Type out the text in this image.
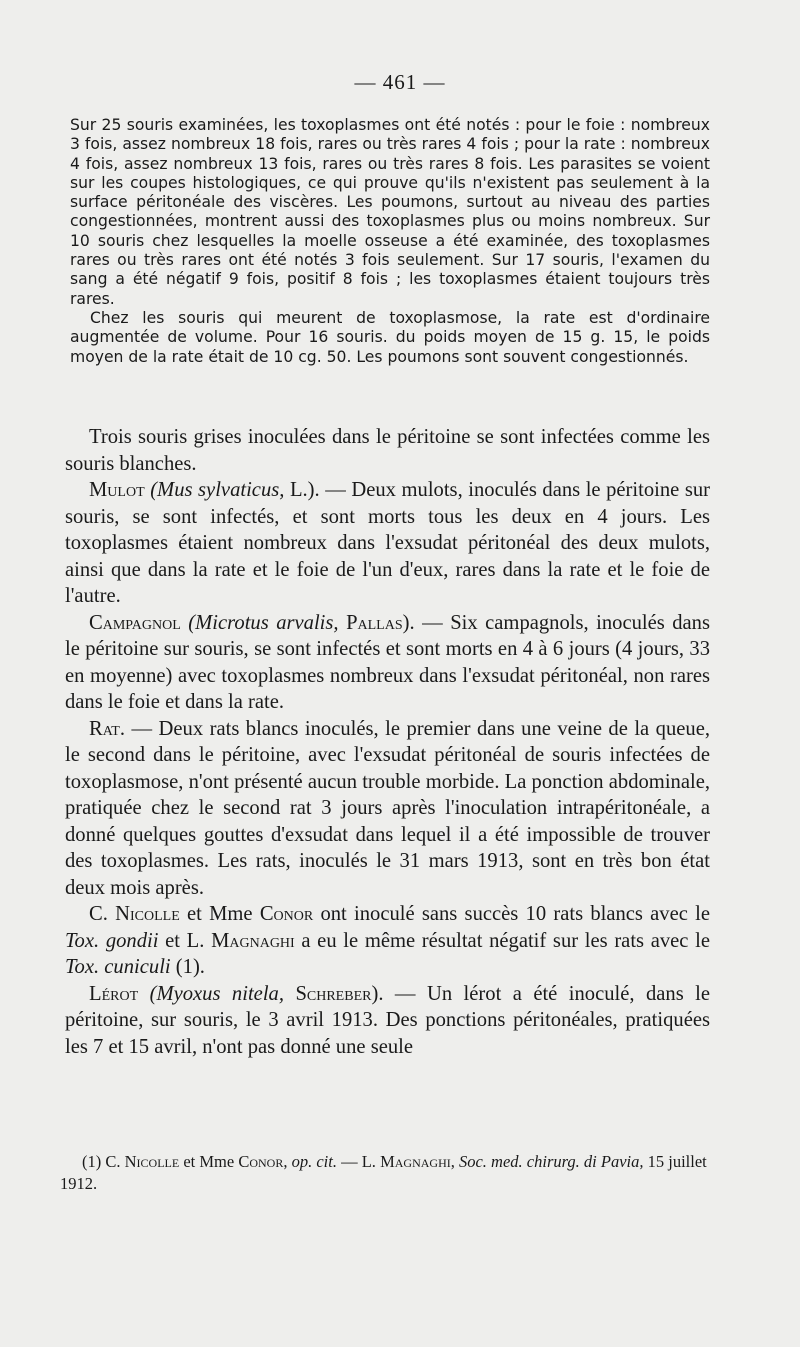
— 461 —

Sur 25 souris examinées, les toxoplasmes ont été notés : pour le foie : nombreux 3 fois, assez nombreux 18 fois, rares ou très rares 4 fois ; pour la rate : nombreux 4 fois, assez nombreux 13 fois, rares ou très rares 8 fois. Les parasites se voient sur les coupes histologiques, ce qui prouve qu'ils n'existent pas seulement à la surface péritonéale des viscères. Les poumons, surtout au niveau des parties congestionnées, montrent aussi des toxoplasmes plus ou moins nombreux. Sur 10 souris chez lesquelles la moelle osseuse a été examinée, des toxoplasmes rares ou très rares ont été notés 3 fois seulement. Sur 17 souris, l'examen du sang a été négatif 9 fois, positif 8 fois ; les toxoplasmes étaient toujours très rares.

Chez les souris qui meurent de toxoplasmose, la rate est d'ordinaire augmentée de volume. Pour 16 souris. du poids moyen de 15 g. 15, le poids moyen de la rate était de 10 cg. 50. Les poumons sont souvent congestionnés.

Trois souris grises inoculées dans le péritoine se sont infectées comme les souris blanches.

Mulot (Mus sylvaticus, L.). — Deux mulots, inoculés dans le péritoine sur souris, se sont infectés, et sont morts tous les deux en 4 jours. Les toxoplasmes étaient nombreux dans l'exsudat péritonéal des deux mulots, ainsi que dans la rate et le foie de l'un d'eux, rares dans la rate et le foie de l'autre.

Campagnol (Microtus arvalis, Pallas). — Six campagnols, inoculés dans le péritoine sur souris, se sont infectés et sont morts en 4 à 6 jours (4 jours, 33 en moyenne) avec toxoplasmes nombreux dans l'exsudat péritonéal, non rares dans le foie et dans la rate.

Rat. — Deux rats blancs inoculés, le premier dans une veine de la queue, le second dans le péritoine, avec l'exsudat péritonéal de souris infectées de toxoplasmose, n'ont présenté aucun trouble morbide. La ponction abdominale, pratiquée chez le second rat 3 jours après l'inoculation intrapéritonéale, a donné quelques gouttes d'exsudat dans lequel il a été impossible de trouver des toxoplasmes. Les rats, inoculés le 31 mars 1913, sont en très bon état deux mois après.

C. Nicolle et Mme Conor ont inoculé sans succès 10 rats blancs avec le Tox. gondii et L. Magnaghi a eu le même résultat négatif sur les rats avec le Tox. cuniculi (1).

Lérot (Myoxus nitela, Schreber). — Un lérot a été inoculé, dans le péritoine, sur souris, le 3 avril 1913. Des ponctions péritonéales, pratiquées les 7 et 15 avril, n'ont pas donné une seule

(1) C. Nicolle et Mme Conor, op. cit. — L. Magnaghi, Soc. med. chirurg. di Pavia, 15 juillet 1912.
